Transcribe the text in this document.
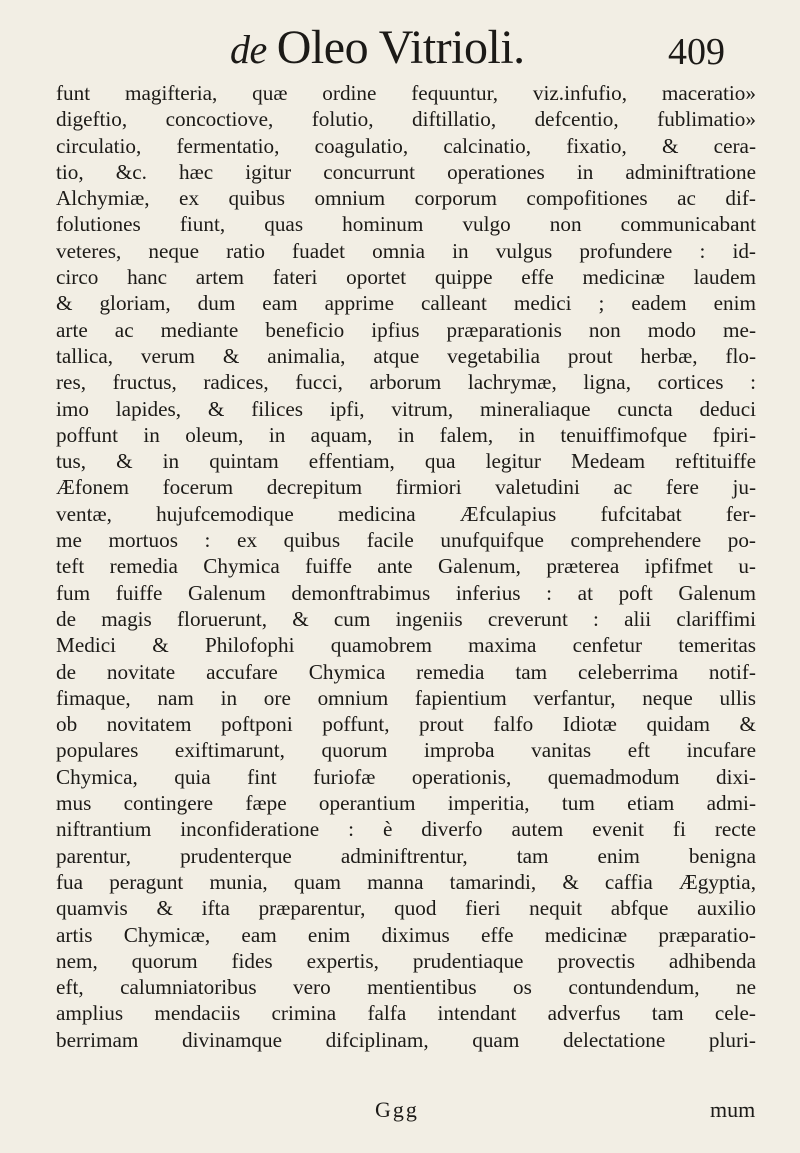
de Oleo Vitrioli.	409
funt magifteria, quæ ordine fequuntur, viz.infufio, maceratio»
digeftio, concoctiove, folutio, diftillatio, defcentio, fublimatio»
circulatio, fermentatio, coagulatio, calcinatio, fixatio, & cera-
tio, &c. hæc igitur concurrunt operationes in adminiftratione
Alchymiæ, ex quibus omnium corporum compofitiones ac dif-
folutiones fiunt, quas hominum vulgo non communicabant
veteres, neque ratio fuadet omnia in vulgus profundere : id-
circo hanc artem fateri oportet quippe effe medicinæ laudem
& gloriam, dum eam apprime calleant medici ; eadem enim
arte ac mediante beneficio ipfius præparationis non modo me-
tallica, verum & animalia, atque vegetabilia prout herbæ, flo-
res, fructus, radices, fucci, arborum lachrymæ, ligna, cortices :
imo lapides, & filices ipfi, vitrum, mineraliaque cuncta deduci
poffunt in oleum, in aquam, in falem, in tenuiffimofque fpiri-
tus, & in quintam effentiam, qua legitur Medeam reftituiffe
Æfonem focerum decrepitum firmiori valetudini ac fere ju-
ventæ, hujufcemodique medicina Æfculapius fufcitabat fer-
me mortuos : ex quibus facile unufquifque comprehendere po-
teft remedia Chymica fuiffe ante Galenum, præterea ipfifmet u-
fum fuiffe Galenum demonftrabimus inferius : at poft Galenum
de magis floruerunt, & cum ingeniis creverunt : alii clariffimi
Medici & Philofophi quamobrem maxima cenfetur temeritas
de novitate accufare Chymica remedia tam celeberrima notif-
fimaque, nam in ore omnium fapientium verfantur, neque ullis
ob novitatem poftponi poffunt, prout falfo Idiotæ quidam &
populares exiftimarunt, quorum improba vanitas eft incufare
Chymica, quia fint furiofæ operationis, quemadmodum dixi-
mus contingere fæpe operantium imperitia, tum etiam admi-
niftrantium inconfideratione : è diverfo autem evenit fi recte
parentur, prudenterque adminiftrentur, tam enim benigna
fua peragunt munia, quam manna tamarindi, & caffia Ægyptia,
quamvis & ifta præparentur, quod fieri nequit abfque auxilio
artis Chymicæ, eam enim diximus effe medicinæ præparatio-
nem, quorum fides expertis, prudentiaque provectis adhibenda
eft, calumniatoribus vero mentientibus os contundendum, ne
amplius mendaciis crimina falfa intendant adverfus tam cele-
berrimam divinamque difciplinam, quam delectatione pluri-
Ggg	mum
